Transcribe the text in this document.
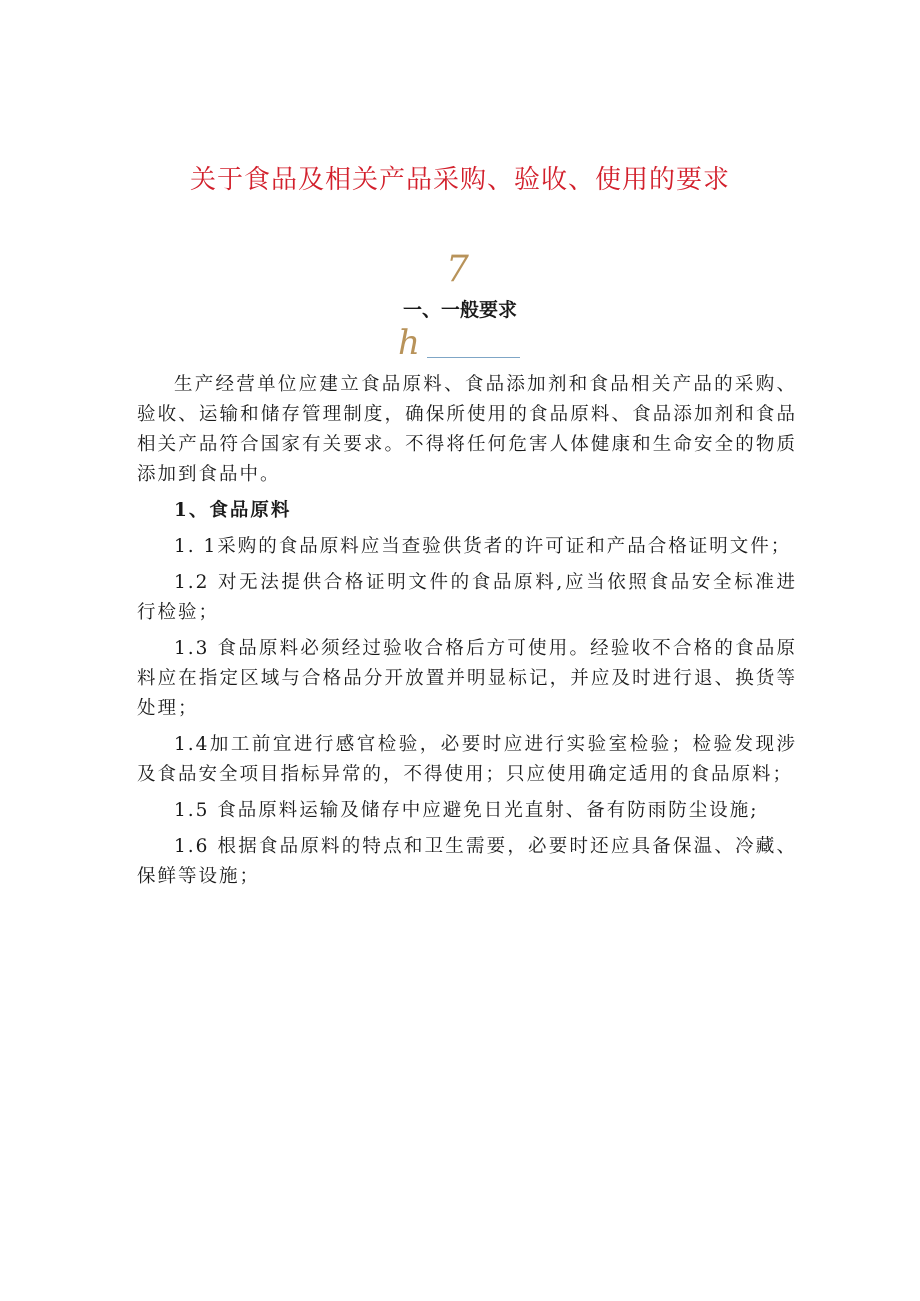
关于食品及相关产品采购、验收、使用的要求
7
一、一般要求
h

生产经营单位应建立食品原料、食品添加剂和食品相关产品的采购、验收、运输和储存管理制度，确保所使用的食品原料、食品添加剂和食品相关产品符合国家有关要求。不得将任何危害人体健康和生命安全的物质添加到食品中。

1、食品原料

1. 1采购的食品原料应当查验供货者的许可证和产品合格证明文件；

1.2 对无法提供合格证明文件的食品原料,应当依照食品安全标准进行检验；

1.3 食品原料必须经过验收合格后方可使用。经验收不合格的食品原料应在指定区域与合格品分开放置并明显标记，并应及时进行退、换货等处理；

1.4加工前宜进行感官检验，必要时应进行实验室检验；检验发现涉及食品安全项目指标异常的，不得使用；只应使用确定适用的食品原料；

1.5 食品原料运输及储存中应避免日光直射、备有防雨防尘设施;

1.6 根据食品原料的特点和卫生需要，必要时还应具备保温、冷藏、保鲜等设施；
